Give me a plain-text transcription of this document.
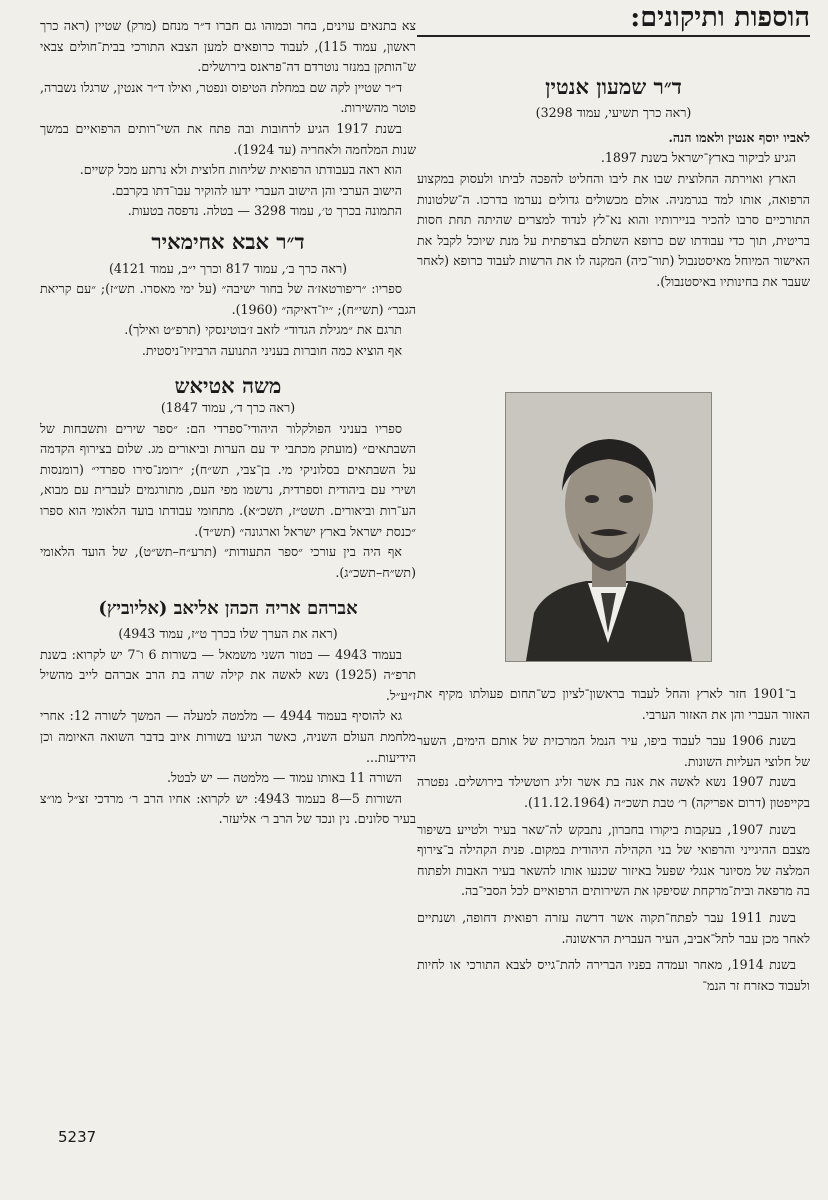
הוספות ותיקונים:
ד״ר שמעון אנטין

(ראה כרך תשיעי, עמוד 3298)

לאביו יוסף אנטין ולאמו הנה.

הגיע לביקור בארץ־ישראל בשנת 1897.

הארץ ואוירתה החלוצית שבו את ליבו והחליט להפכה לביתו ולעסוק במקצוע הרפואה, אותו למד בגרמניה. אולם מכשולים גדולים נערמו בדרכו. ה־שלטונות התורכיים סרבו להכיר בניירותיו והוא נא־לץ לנדוד למצרים שהיתה תחת חסות בריטית, תוך כדי עבודתו שם כרופא השתלם בצרפתית על מנת שיוכל לקבל את האישור המיוחל מאיסטנבול (תור־כיה) המקנה לו את הרשות לעבוד כרופא (לאחר שעבר את בחינותיו באיסטנבול).

ב־1901 חזר לארץ והחל לעבוד בראשון־לציון כש־תחום פעולתו מקיף את האזור העברי והן את האזור הערבי.

בשנת 1906 עבר לעבוד ביפו, עיר הנמל המרכזית של אותם הימים, השער של חלוצי העליות השונות.

בשנת 1907 נשא לאשה את אנה בת אשר זליג רוטשילד בירושלים. נפטרה בקייפטון (דרום אפריקה) ר׳ טבת תשכ״ה (11.12.1964).

בשנת 1907, בעקבות ביקורו בחברון, נתבקש לה־שאר בעיר ולטייע בשיפור מצבם ההיגייני והרפואי של בני הקהילה היהודית במקום. פנית הקהילה ב־צירוף המלצה של מסיונר אנגלי שפעל באיזור שכנעו אותו להשאר בעיר האבות ולפתוח בה מרפאה ובית־מרקחת שסיפקו את השירותים הרפואיים לכל הסבי־בה.

בשנת 1911 עבר לפתח־תקוה אשר דרשה עזרה רפואית דחופה, ושנתיים לאחר מכן עבר לתל־אביב, העיר העברית הראשונה.

בשנת 1914, מאחר ועמדה בפניו הברירה להת־גייס לצבא התורכי או לחיות ולעבוד כאזרח זר הנמ־

צא בתנאים עוינים, בחר וכמוהו גם חברו ד״ר מנחם (מרק) שטיין (ראה כרך ראשון, עמוד 115), לעבוד כרופאים למען הצבא התורכי בבית־חולים צבאי ש־הותקן במנזר נוטרדם דה־פראנס בירושלים.

ד״ר שטיין לקה שם במחלת הטיפוס ונפטר, ואילו ד״ר אנטין, שרגלו נשברה, פוטר מהשירות.

בשנת 1917 הגיע לרחובות ובה פתח את השי־רותים הרפואיים במשך שנות המלחמה ולאחריה (עד 1924).

הוא ראה בעבודתו הרפואית שליחות חלוצית ולא נרתע מכל קשיים.

הישוב הערבי והן הישוב העברי ידעו להוקיר עבו־דתו בקרבם.

התמונה בכרך ט׳, עמוד 3298 — בטלה. נדפסה בטעות.

ד״ר אבא אחימאיר

(ראה כרך ב׳, עמוד 817 וכרך י״ב, עמוד 4121)

ספריו: ״ריפורטאז׳ה של בחור ישיבה״ (על ימי מאסרו. תש״ז); ״עם קריאת הגבר״ (תשי״ח); ״יו־דאיקה״ (1960).

תרגם את ״מגילת הגדוד״ לזאב ז׳בוטינסקי (תרפ״ט ואילך).

אף הוציא כמה חוברות בעניני התנועה הרביזיו־ניסטית.

משה אטיאש

(ראה כרך ד׳, עמוד 1847)

ספריו בעניני הפולקלור היהודי־ספרדי הם: ״ספר שירים ותשבחות של השבתאים״ (מועתק מכתבי יד עם הערות וביאורים מג. שלום בצירוף הקדמה על השבתאים בסלוניקי מי. בן־צבי, תש״ח); ״רומנ־סירו ספרדי״ (רומנסות ושירי עם ביהודית וספרדית, נרשמו מפי העם, מתורגמים לעברית עם מבוא, הע־רות וביאורים. תשט״ז, תשכ״א). מתחומי עבודתו בועד הלאומי הוא ספרו ״כנסת ישראל בארץ ישראל וארגונה״ (תש״ד).

אף היה בין עורכי ״ספר התעודות״ (תרע״ח–תש״ט), של הועד הלאומי (תש״ח–תשכ״ג).

אברהם אריה הכהן אליאב (אליוביץ)

(ראה את הערך שלו בכרך ט״ז, עמוד 4943)

בעמוד 4943 — בטור השני משמאל — בשורות 6 ו־7 יש לקרוא: בשנת תרפ״ה (1925) נשא לאשה את קילה שרה בת הרב אברהם לייב מהשיל ז״ע״ל.

גא להוסיף בעמוד 4944 — מלמטה למעלה — המשך לשורה 12: אחרי מלחמת העולם השניה, כאשר הגיעו בשורות איוב בדבר השואה האיומה וכן הידיעות...

השורה 11 באותו עמוד — מלמטה — יש לבטל.

השורות 5—8 בעמוד 4943: יש לקרוא: אחיו הרב ר׳ מרדכי זצ״ל מו״צ בעיר סלונים. נין ונכד של הרב ר׳ אליעזר.

5237
